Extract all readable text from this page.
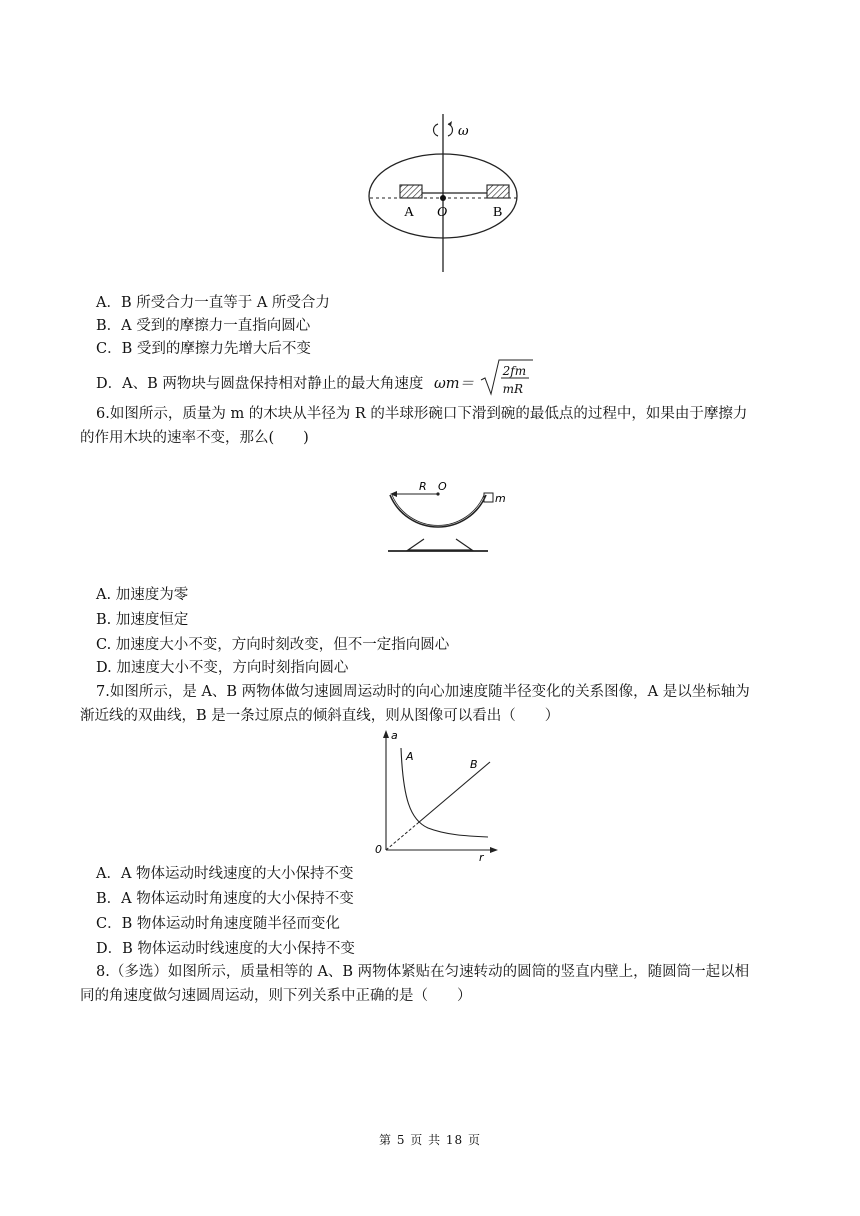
ω
A O	B
A．B 所受合力一直等于 A 所受合力
B．A 受到的摩擦力一直指向圆心
C．B 受到的摩擦力先增大后不变
D．A、B 两物块与圆盘保持相对静止的最大角速度 ωm＝
2fm
mR
6.如图所示，质量为 m 的木块从半径为 R 的半球形碗口下滑到碗的最低点的过程中，如果由于摩擦力
的作用木块的速率不变，那么(　　)
R O
m
A. 加速度为零
B. 加速度恒定
C. 加速度大小不变，方向时刻改变，但不一定指向圆心
D. 加速度大小不变，方向时刻指向圆心
7.如图所示，是 A、B 两物体做匀速圆周运动时的向心加速度随半径变化的关系图像，A 是以坐标轴为
渐近线的双曲线，B 是一条过原点的倾斜直线，则从图像可以看出（　　）
a
r
0
A
B
A．A 物体运动时线速度的大小保持不变
B．A 物体运动时角速度的大小保持不变
C．B 物体运动时角速度随半径而变化
D．B 物体运动时线速度的大小保持不变
8.（多选）如图所示，质量相等的 A、B 两物体紧贴在匀速转动的圆筒的竖直内壁上，随圆筒一起以相
同的角速度做匀速圆周运动，则下列关系中正确的是（　　）
第 5 页 共 18 页
